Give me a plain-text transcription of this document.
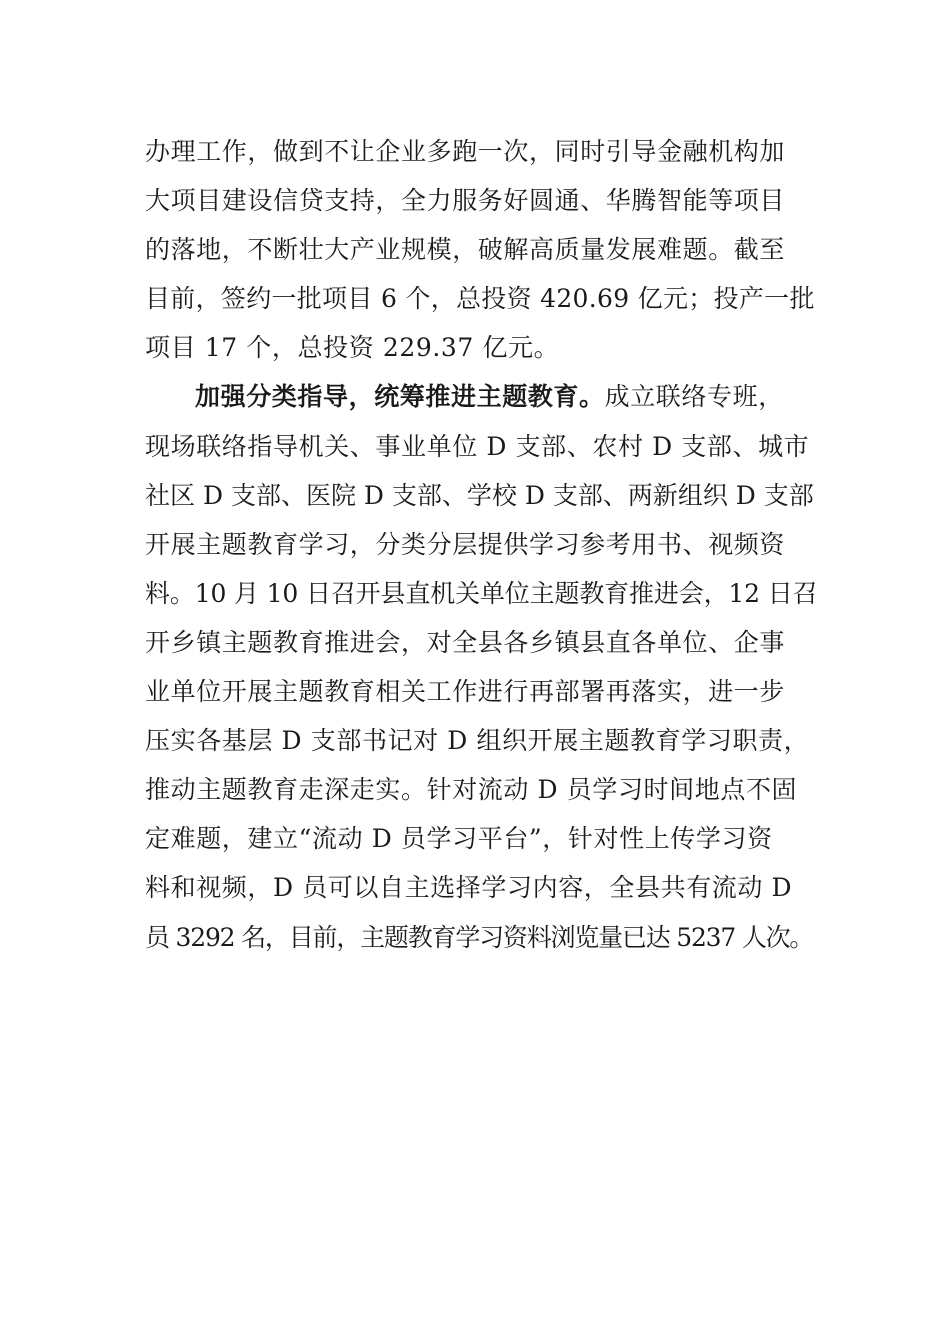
办理工作，做到不让企业多跑一次，同时引导金融机构加
大项目建设信贷支持，全力服务好圆通、华腾智能等项目
的落地，不断壮大产业规模，破解高质量发展难题。截至
目前，签约一批项目 6 个，总投资 420.69 亿元；投产一批
项目 17 个，总投资 229.37 亿元。
加强分类指导，统筹推进主题教育。成立联络专班，
现场联络指导机关、事业单位 D 支部、农村 D 支部、城市
社区 D 支部、医院 D 支部、学校 D 支部、两新组织 D 支部
开展主题教育学习，分类分层提供学习参考用书、视频资
料。10 月 10 日召开县直机关单位主题教育推进会，12 日召
开乡镇主题教育推进会，对全县各乡镇县直各单位、企事
业单位开展主题教育相关工作进行再部署再落实，进一步
压实各基层 D 支部书记对 D 组织开展主题教育学习职责，
推动主题教育走深走实。针对流动 D 员学习时间地点不固
定难题，建立“流动 D 员学习平台”，针对性上传学习资
料和视频，D 员可以自主选择学习内容，全县共有流动 D
员 3292 名，目前，主题教育学习资料浏览量已达 5237 人次。
